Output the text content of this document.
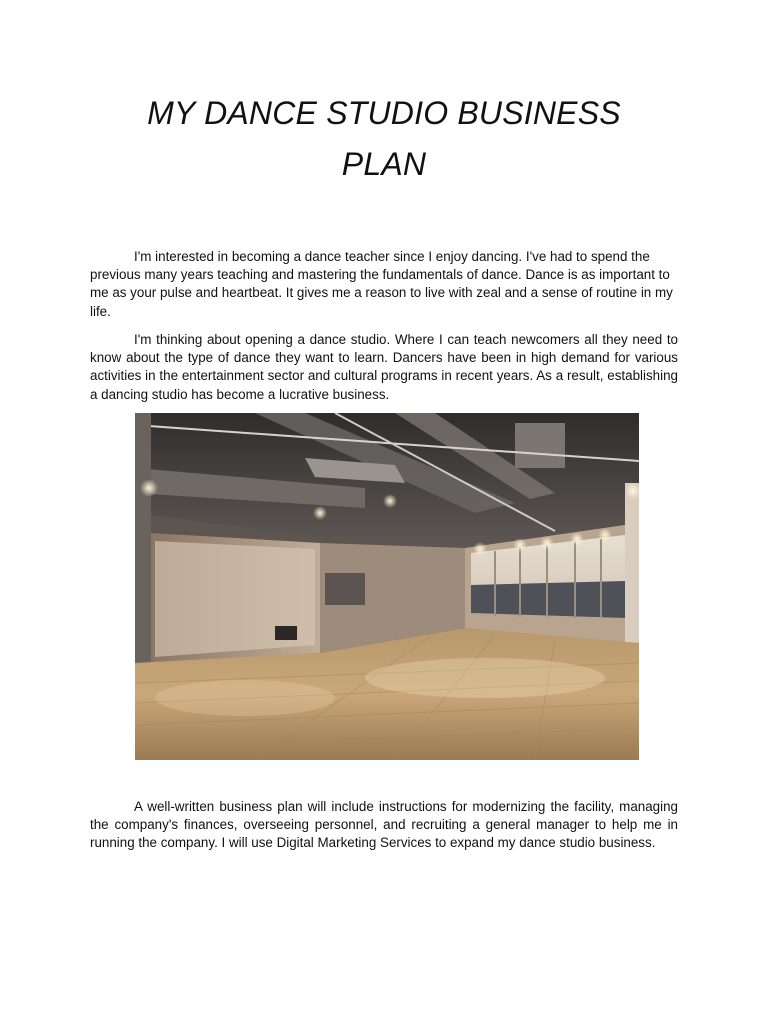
MY DANCE STUDIO BUSINESS
PLAN

I'm interested in becoming a dance teacher since I enjoy dancing. I've had to spend the previous many years teaching and mastering the fundamentals of dance. Dance is as important to me as your pulse and heartbeat. It gives me a reason to live with zeal and a sense of routine in my life.

I'm thinking about opening a dance studio. Where I can teach newcomers all they need to know about the type of dance they want to learn. Dancers have been in high demand for various activities in the entertainment sector and cultural programs in recent years. As a result, establishing a dancing studio has become a lucrative business.

A well-written business plan will include instructions for modernizing the facility, managing the company's finances, overseeing personnel, and recruiting a general manager to help me in running the company. I will use Digital Marketing Services to expand my dance studio business.
